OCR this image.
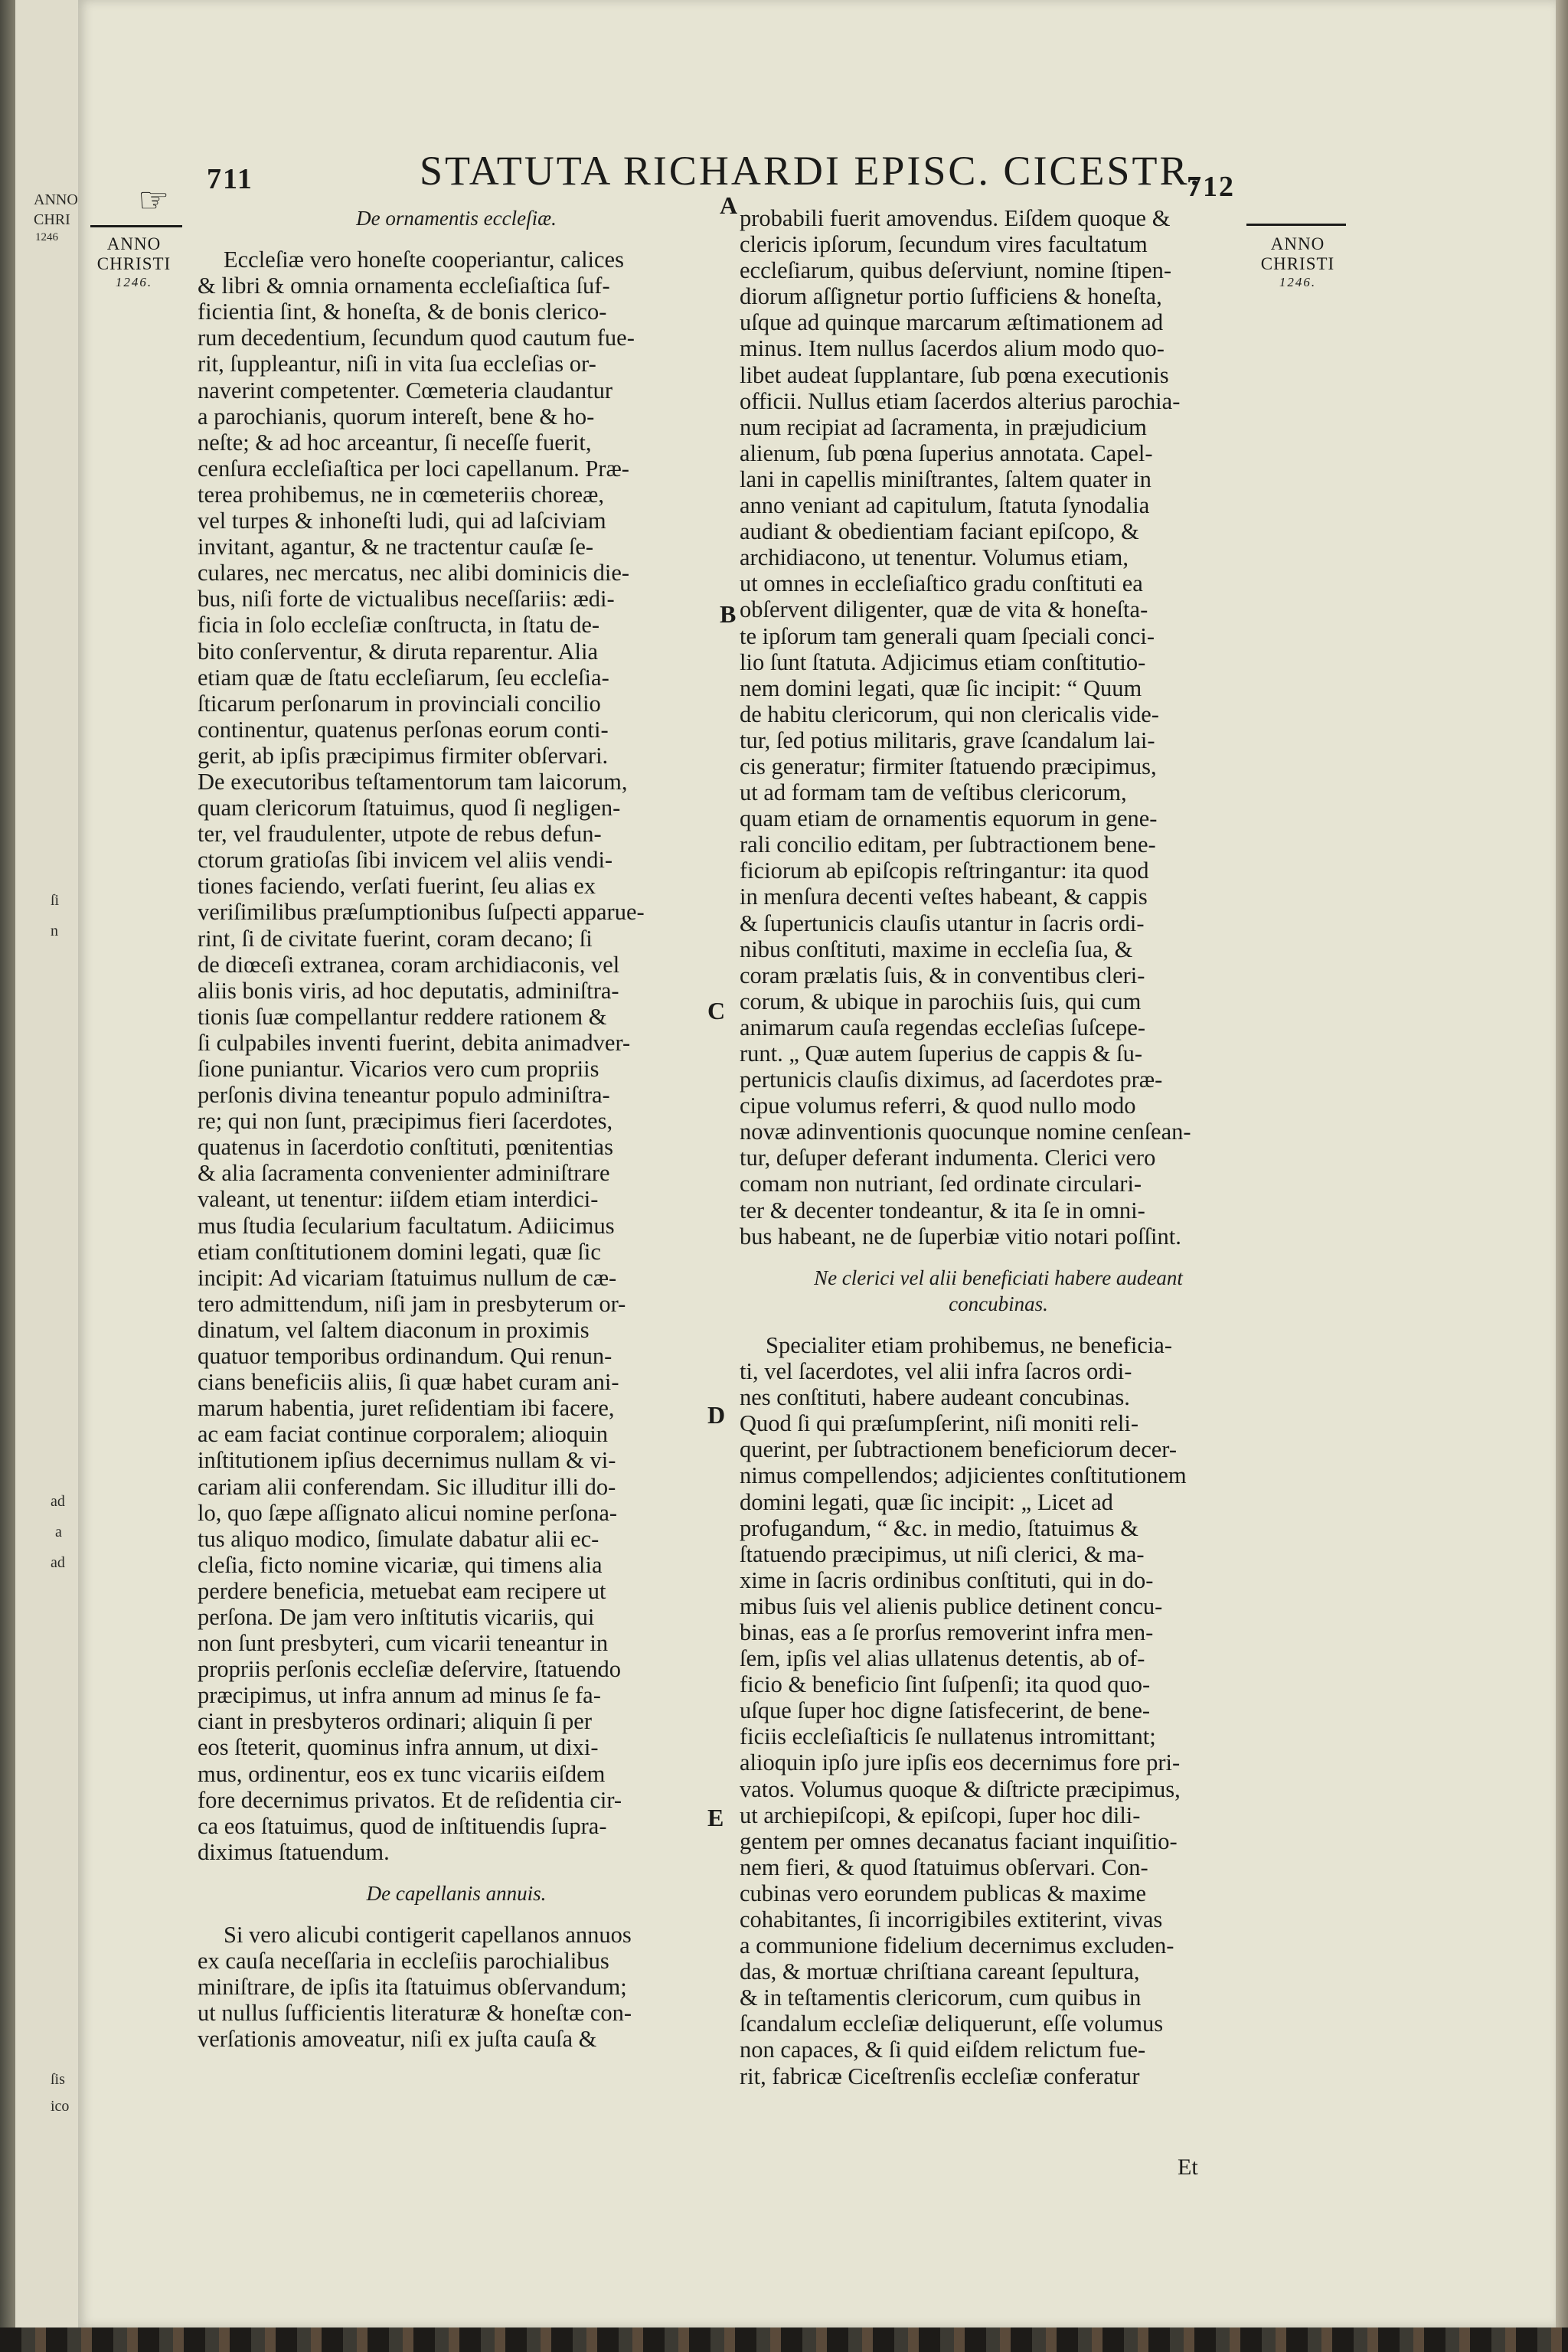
ANNO
CHRI
1246
ſi
n
ad
a
ad
ſis
ico
711	STATUTA RICHARDI EPISC. CICESTR.
712
☞
ANNO
CHRISTI

1246.
ANNO
CHRISTI

1246.
A
B
C
D
E
De ornamentis eccleſiæ.
Eccleſiæ vero honeſte cooperiantur, calices
& libri & omnia ornamenta eccleſiaſtica ſuf-
ficientia ſint, & honeſta, & de bonis clerico-
rum decedentium, ſecundum quod cautum fue-
rit, ſuppleantur, niſi in vita ſua eccleſias or-
naverint competenter. Cœmeteria claudantur
a parochianis, quorum intereſt, bene & ho-
neſte; & ad hoc arceantur, ſi neceſſe fuerit,
cenſura eccleſiaſtica per loci capellanum. Præ-
terea prohibemus, ne in cœmeteriis choreæ,
vel turpes & inhoneſti ludi, qui ad laſciviam
invitant, agantur, & ne tractentur cauſæ ſe-
culares, nec mercatus, nec alibi dominicis die-
bus, niſi forte de victualibus neceſſariis: ædi-
ficia in ſolo eccleſiæ conſtructa, in ſtatu de-
bito conſerventur, & diruta reparentur. Alia
etiam quæ de ſtatu eccleſiarum, ſeu eccleſia-
ſticarum perſonarum in provinciali concilio
continentur, quatenus perſonas eorum conti-
gerit, ab ipſis præcipimus firmiter obſervari.
De executoribus teſtamentorum tam laicorum,
quam clericorum ſtatuimus, quod ſi negligen-
ter, vel fraudulenter, utpote de rebus defun-
ctorum gratioſas ſibi invicem vel aliis vendi-
tiones faciendo, verſati fuerint, ſeu alias ex
veriſimilibus præſumptionibus ſuſpecti apparue-
rint, ſi de civitate fuerint, coram decano; ſi
de diœceſi extranea, coram archidiaconis, vel
aliis bonis viris, ad hoc deputatis, adminiſtra-
tionis ſuæ compellantur reddere rationem &
ſi culpabiles inventi fuerint, debita animadver-
ſione puniantur. Vicarios vero cum propriis
perſonis divina teneantur populo adminiſtra-
re; qui non ſunt, præcipimus fieri ſacerdotes,
quatenus in ſacerdotio conſtituti, pœnitentias
& alia ſacramenta convenienter adminiſtrare
valeant, ut tenentur: iiſdem etiam interdici-
mus ſtudia ſecularium facultatum. Adiicimus
etiam conſtitutionem domini legati, quæ ſic
incipit: Ad vicariam ſtatuimus nullum de cæ-
tero admittendum, niſi jam in presbyterum or-
dinatum, vel ſaltem diaconum in proximis
quatuor temporibus ordinandum. Qui renun-
cians beneficiis aliis, ſi quæ habet curam ani-
marum habentia, juret reſidentiam ibi facere,
ac eam faciat continue corporalem; alioquin
inſtitutionem ipſius decernimus nullam & vi-
cariam alii conferendam. Sic illuditur illi do-
lo, quo ſæpe aſſignato alicui nomine perſona-
tus aliquo modico, ſimulate dabatur alii ec-
cleſia, ficto nomine vicariæ, qui timens alia
perdere beneficia, metuebat eam recipere ut
perſona. De jam vero inſtitutis vicariis, qui
non ſunt presbyteri, cum vicarii teneantur in
propriis perſonis eccleſiæ deſervire, ſtatuendo
præcipimus, ut infra annum ad minus ſe fa-
ciant in presbyteros ordinari; aliquin ſi per
eos ſteterit, quominus infra annum, ut dixi-
mus, ordinentur, eos ex tunc vicariis eiſdem
fore decernimus privatos. Et de reſidentia cir-
ca eos ſtatuimus, quod de inſtituendis ſupra-
diximus ſtatuendum.
De capellanis annuis.
Si vero alicubi contigerit capellanos annuos
ex cauſa neceſſaria in eccleſiis parochialibus
miniſtrare, de ipſis ita ſtatuimus obſervandum;
ut nullus ſufficientis literaturæ & honeſtæ con-
verſationis amoveatur, niſi ex juſta cauſa &
probabili fuerit amovendus. Eiſdem quoque &
clericis ipſorum, ſecundum vires facultatum
eccleſiarum, quibus deſerviunt, nomine ſtipen-
diorum aſſignetur portio ſufficiens & honeſta,
uſque ad quinque marcarum æſtimationem ad
minus. Item nullus ſacerdos alium modo quo-
libet audeat ſupplantare, ſub pœna executionis
officii. Nullus etiam ſacerdos alterius parochia-
num recipiat ad ſacramenta, in præjudicium
alienum, ſub pœna ſuperius annotata. Capel-
lani in capellis miniſtrantes, ſaltem quater in
anno veniant ad capitulum, ſtatuta ſynodalia
audiant & obedientiam faciant epiſcopo, &
archidiacono, ut tenentur. Volumus etiam,
ut omnes in eccleſiaſtico gradu conſtituti ea
obſervent diligenter, quæ de vita & honeſta-
te ipſorum tam generali quam ſpeciali conci-
lio ſunt ſtatuta. Adjicimus etiam conſtitutio-
nem domini legati, quæ ſic incipit: “ Quum
de habitu clericorum, qui non clericalis vide-
tur, ſed potius militaris, grave ſcandalum lai-
cis generatur; firmiter ſtatuendo præcipimus,
ut ad formam tam de veſtibus clericorum,
quam etiam de ornamentis equorum in gene-
rali concilio editam, per ſubtractionem bene-
ficiorum ab epiſcopis reſtringantur: ita quod
in menſura decenti veſtes habeant, & cappis
& ſupertunicis clauſis utantur in ſacris ordi-
nibus conſtituti, maxime in eccleſia ſua, &
coram prælatis ſuis, & in conventibus cleri-
corum, & ubique in parochiis ſuis, qui cum
animarum cauſa regendas eccleſias ſuſcepe-
runt. „ Quæ autem ſuperius de cappis & ſu-
pertunicis clauſis diximus, ad ſacerdotes præ-
cipue volumus referri, & quod nullo modo
novæ adinventionis quocunque nomine cenſean-
tur, deſuper deferant indumenta. Clerici vero
comam non nutriant, ſed ordinate circulari-
ter & decenter tondeantur, & ita ſe in omni-
bus habeant, ne de ſuperbiæ vitio notari poſſint.
Ne clerici vel alii beneficiati habere audeant
concubinas.
Specialiter etiam prohibemus, ne beneficia-
ti, vel ſacerdotes, vel alii infra ſacros ordi-
nes conſtituti, habere audeant concubinas.
Quod ſi qui præſumpſerint, niſi moniti reli-
querint, per ſubtractionem beneficiorum decer-
nimus compellendos; adjicientes conſtitutionem
domini legati, quæ ſic incipit: „ Licet ad
profugandum, “ &c. in medio, ſtatuimus &
ſtatuendo præcipimus, ut niſi clerici, & ma-
xime in ſacris ordinibus conſtituti, qui in do-
mibus ſuis vel alienis publice detinent concu-
binas, eas a ſe prorſus removerint infra men-
ſem, ipſis vel alias ullatenus detentis, ab of-
ficio & beneficio ſint ſuſpenſi; ita quod quo-
uſque ſuper hoc digne ſatisfecerint, de bene-
ficiis eccleſiaſticis ſe nullatenus intromittant;
alioquin ipſo jure ipſis eos decernimus fore pri-
vatos. Volumus quoque & diſtricte præcipimus,
ut archiepiſcopi, & epiſcopi, ſuper hoc dili-
gentem per omnes decanatus faciant inquiſitio-
nem fieri, & quod ſtatuimus obſervari. Con-
cubinas vero eorundem publicas & maxime
cohabitantes, ſi incorrigibiles extiterint, vivas
a communione fidelium decernimus excluden-
das, & mortuæ chriſtiana careant ſepultura,
& in teſtamentis clericorum, cum quibus in
ſcandalum eccleſiæ deliquerunt, eſſe volumus
non capaces, & ſi quid eiſdem relictum fue-
rit, fabricæ Ciceſtrenſis eccleſiæ conferatur
Et
